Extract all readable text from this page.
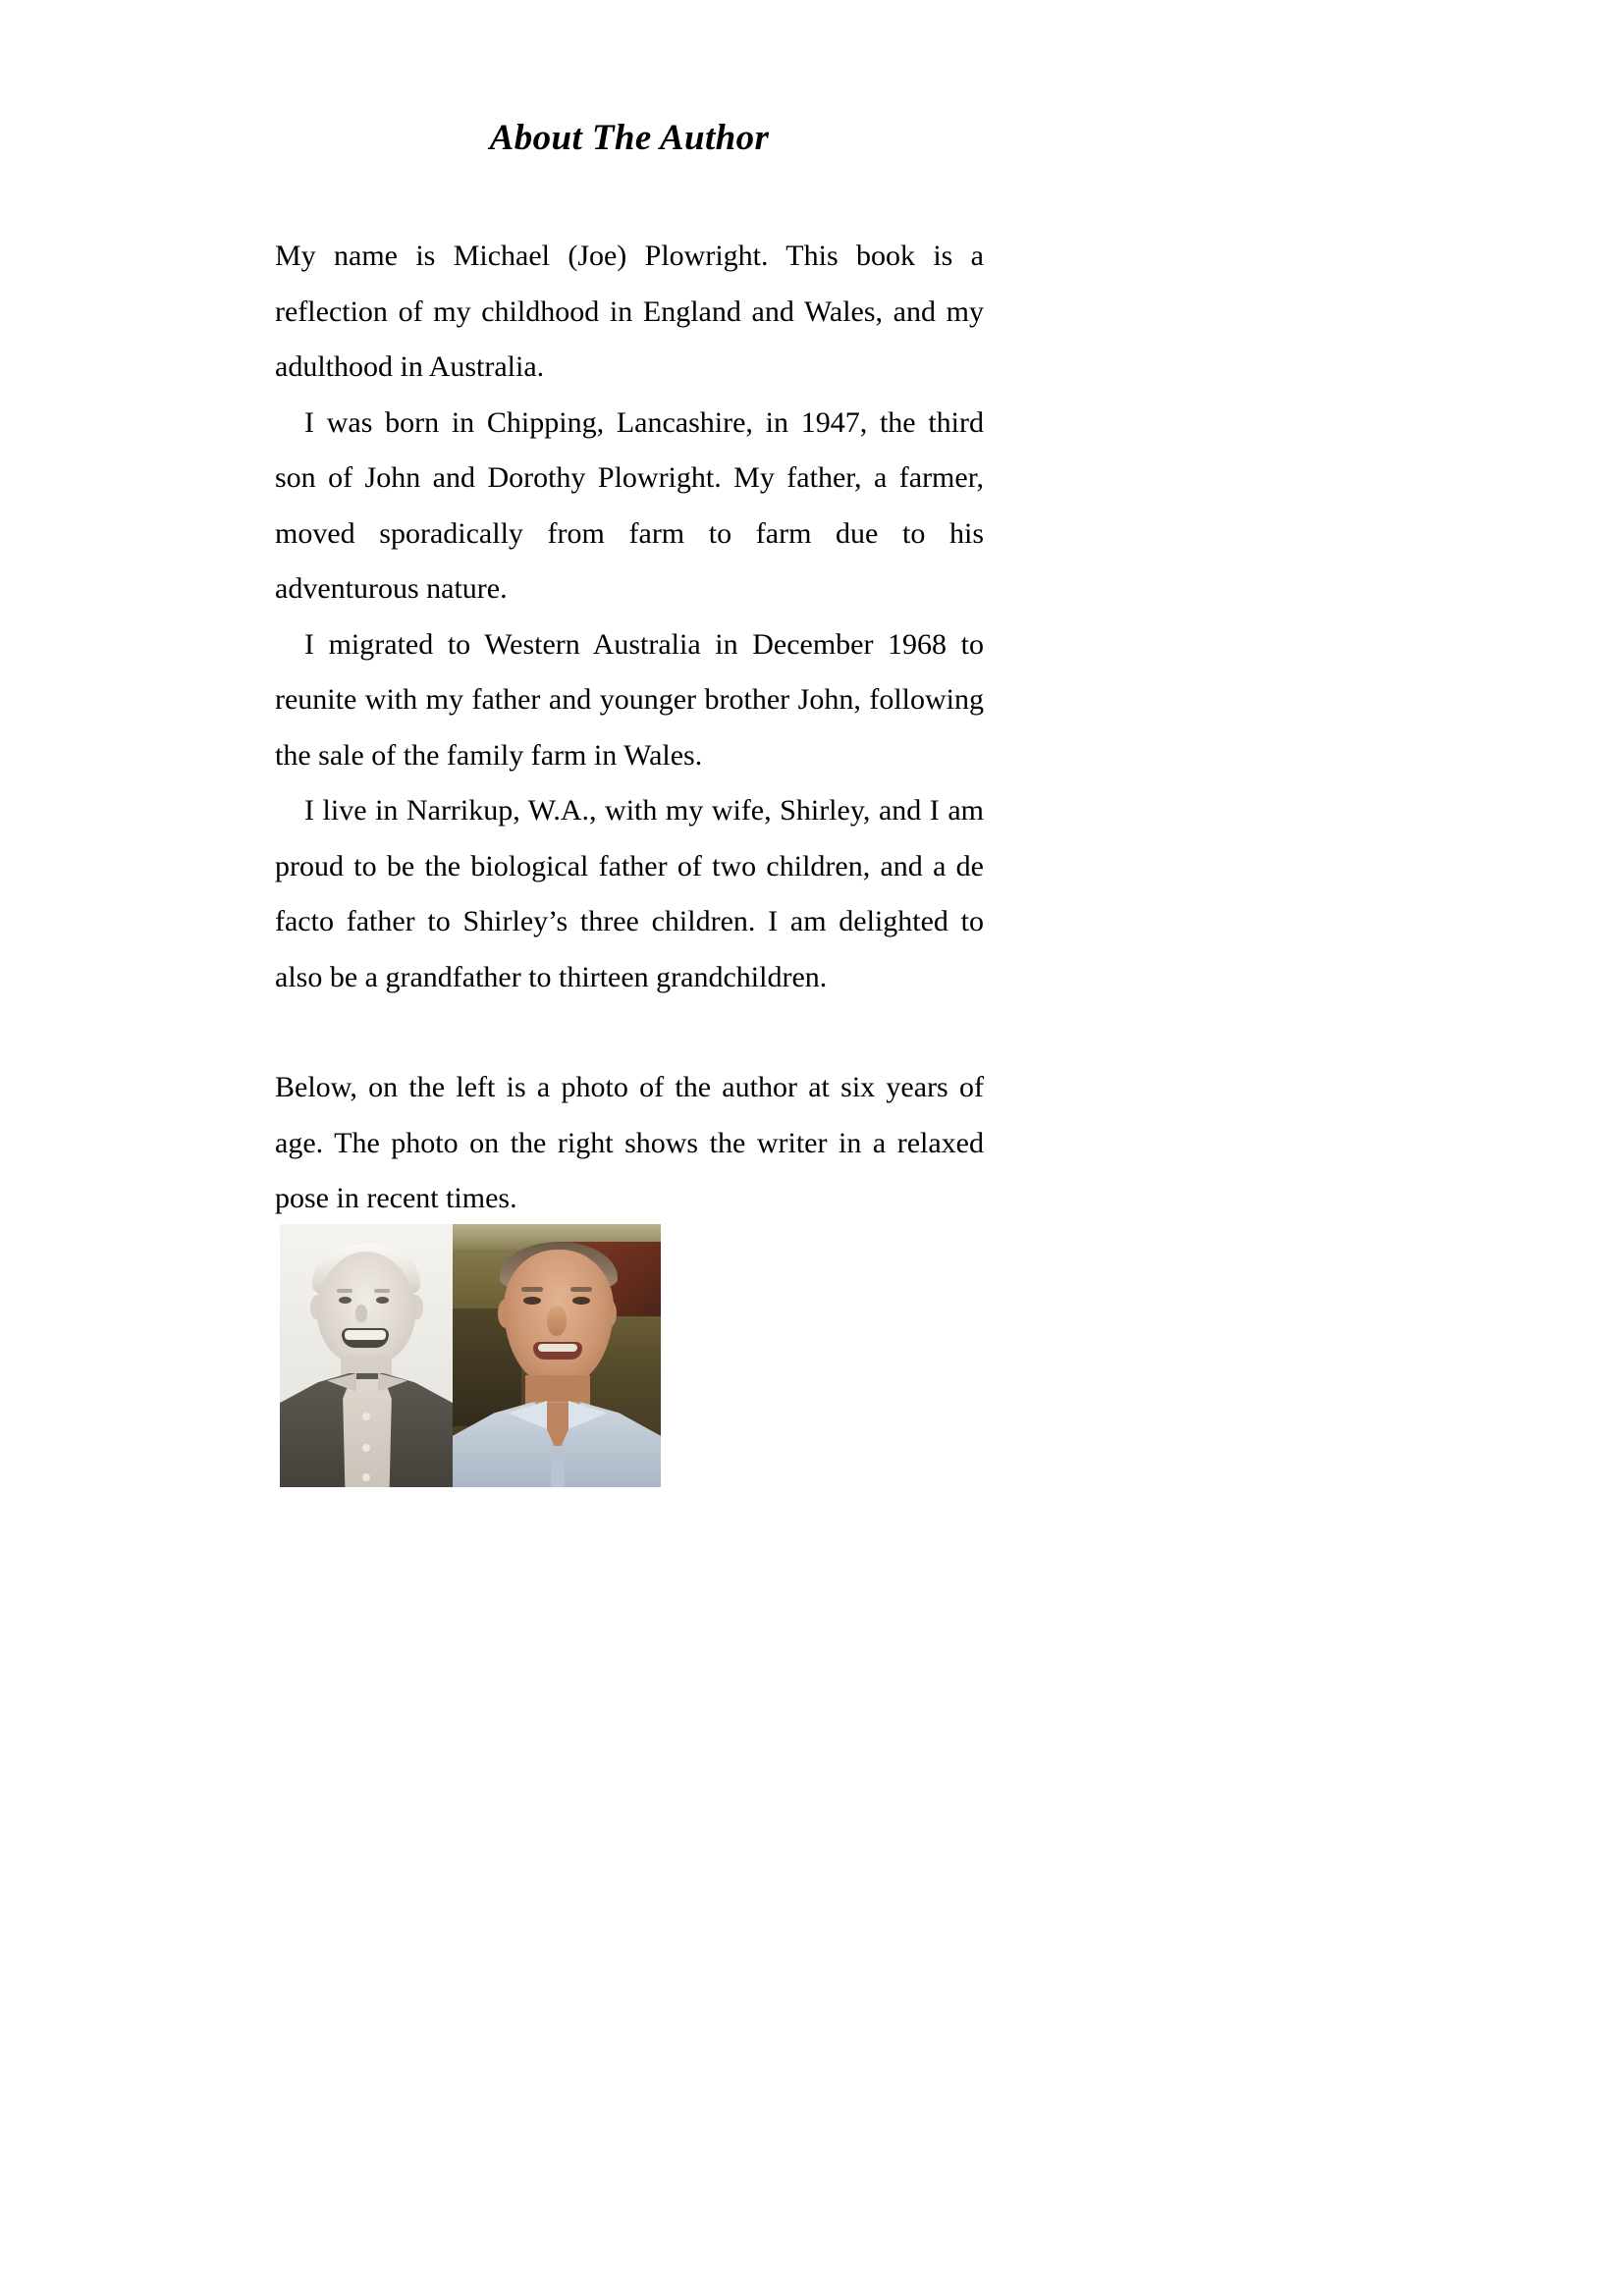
About The Author

My name is Michael (Joe) Plowright. This book is a reflection of my childhood in England and Wales, and my adulthood in Australia.

I was born in Chipping, Lancashire, in 1947, the third son of John and Dorothy Plowright. My father, a farmer, moved sporadically from farm to farm due to his adventurous nature.

I migrated to Western Australia in December 1968 to reunite with my father and younger brother John, following the sale of the family farm in Wales.

I live in Narrikup, W.A., with my wife, Shirley, and I am proud to be the biological father of two children, and a de facto father to Shirley’s three children. I am delighted to also be a grandfather to thirteen grandchildren.

Below, on the left is a photo of the author at six years of age. The photo on the right shows the writer in a relaxed pose in recent times.
